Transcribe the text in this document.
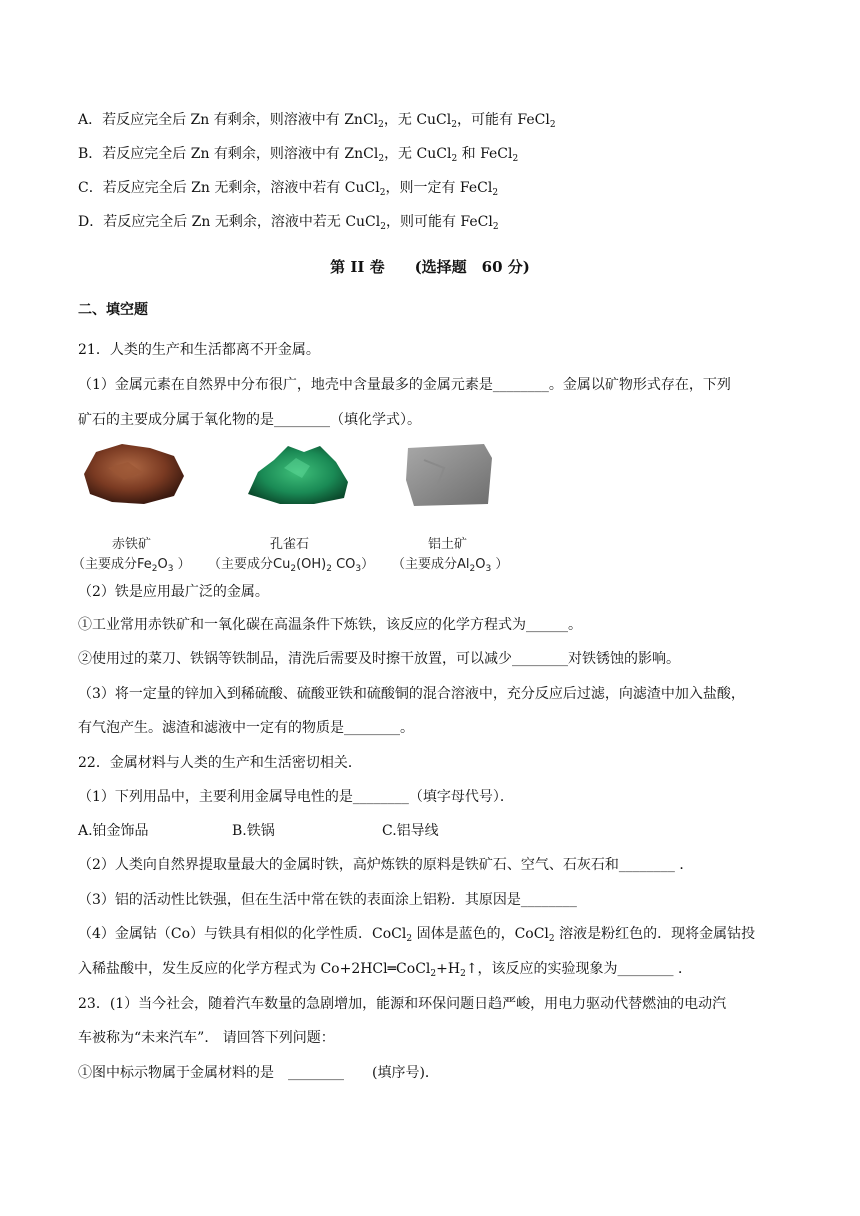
A．若反应完全后 Zn 有剩余，则溶液中有 ZnCl$_2$，无 CuCl$_2$，可能有 FeCl$_2$
B．若反应完全后 Zn 有剩余，则溶液中有 ZnCl$_2$，无 CuCl$_2$ 和 FeCl$_2$
C．若反应完全后 Zn 无剩余，溶液中若有 CuCl$_2$，则一定有 FeCl$_2$
D．若反应完全后 Zn 无剩余，溶液中若无 CuCl$_2$，则可能有 FeCl$_2$
第 II 卷　　(选择题　60 分)
二、填空题
21．人类的生产和生活都离不开金属。
（1）金属元素在自然界中分布很广，地壳中含量最多的金属元素是________。金属以矿物形式存在，下列
矿石的主要成分属于氧化物的是________（填化学式）。
赤铁矿	孔雀石	铝土矿
（主要成分$Fe_2O_3$ ） （主要成分$Cu_2(OH)_2$ $CO_3$） （主要成分$Al_2O_3$ ）
（2）铁是应用最广泛的金属。
①工业常用赤铁矿和一氧化碳在高温条件下炼铁，该反应的化学方程式为______。
②使用过的菜刀、铁锅等铁制品，清洗后需要及时擦干放置，可以减少________对铁锈蚀的影响。
（3）将一定量的锌加入到稀硫酸、硫酸亚铁和硫酸铜的混合溶液中，充分反应后过滤，向滤渣中加入盐酸，
有气泡产生。滤渣和滤液中一定有的物质是________。
22．金属材料与人类的生产和生活密切相关．
（1）下列用品中，主要利用金属导电性的是________（填字母代号）．
A.铂金饰品	B.铁锅	C.铝导线
（2）人类向自然界提取量最大的金属时铁，高炉炼铁的原料是铁矿石、空气、石灰石和________ ．
（3）铝的活动性比铁强，但在生活中常在铁的表面涂上铝粉．其原因是________
（4）金属钴（Co）与铁具有相似的化学性质．CoCl$_2$ 固体是蓝色的，CoCl$_2$ 溶液是粉红色的．现将金属钴投
入稀盐酸中，发生反应的化学方程式为 $Co+2HCl═CoCl_2+H_2↑$，该反应的实验现象为________ ．
23．(1）当今社会，随着汽车数量的急剧增加，能源和环保问题日趋严峻，用电力驱动代替燃油的电动汽
车被称为“未来汽车”． 请回答下列问题：
①图中标示物属于金属材料的是　________　　(填序号)．
